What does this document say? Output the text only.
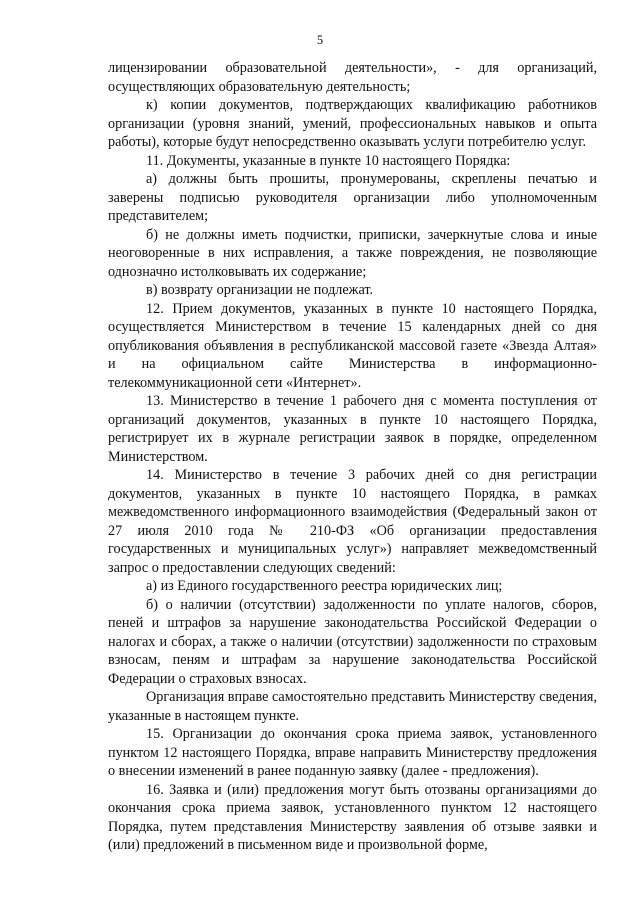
5

лицензировании образовательной деятельности», - для организаций, осуществляющих образовательную деятельность;

к) копии документов, подтверждающих квалификацию работников организации (уровня знаний, умений, профессиональных навыков и опыта работы), которые будут непосредственно оказывать услуги потребителю услуг.

11. Документы, указанные в пункте 10 настоящего Порядка:

а) должны быть прошиты, пронумерованы, скреплены печатью и заверены подписью руководителя организации либо уполномоченным представителем;

б) не должны иметь подчистки, приписки, зачеркнутые слова и иные неоговоренные в них исправления, а также повреждения, не позволяющие однозначно истолковывать их содержание;

в) возврату организации не подлежат.

12. Прием документов, указанных в пункте 10 настоящего Порядка, осуществляется Министерством в течение 15 календарных дней со дня опубликования объявления в республиканской массовой газете «Звезда Алтая» и на официальном сайте Министерства в информационно-телекоммуникационной сети «Интернет».

13. Министерство в течение 1 рабочего дня с момента поступления от организаций документов, указанных в пункте 10 настоящего Порядка, регистрирует их в журнале регистрации заявок в порядке, определенном Министерством.

14. Министерство в течение 3 рабочих дней со дня регистрации документов, указанных в пункте 10 настоящего Порядка, в рамках межведомственного информационного взаимодействия (Федеральный закон от 27 июля 2010 года № 210-ФЗ «Об организации предоставления государственных и муниципальных услуг») направляет межведомственный запрос о предоставлении следующих сведений:

а) из Единого государственного реестра юридических лиц;

б) о наличии (отсутствии) задолженности по уплате налогов, сборов, пеней и штрафов за нарушение законодательства Российской Федерации о налогах и сборах, а также о наличии (отсутствии) задолженности по страховым взносам, пеням и штрафам за нарушение законодательства Российской Федерации о страховых взносах.

Организация вправе самостоятельно представить Министерству сведения, указанные в настоящем пункте.

15. Организации до окончания срока приема заявок, установленного пунктом 12 настоящего Порядка, вправе направить Министерству предложения о внесении изменений в ранее поданную заявку (далее - предложения).

16. Заявка и (или) предложения могут быть отозваны организациями до окончания срока приема заявок, установленного пунктом 12 настоящего Порядка, путем представления Министерству заявления об отзыве заявки и (или) предложений в письменном виде и произвольной форме,
